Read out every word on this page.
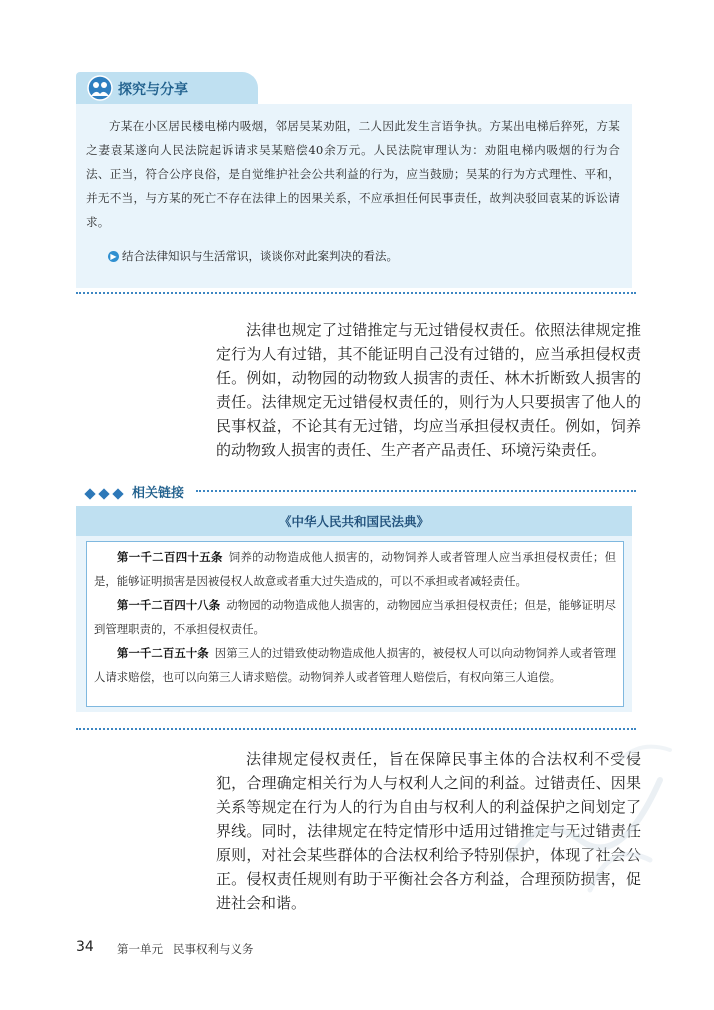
探究与分享

方某在小区居民楼电梯内吸烟，邻居吴某劝阻，二人因此发生言语争执。方某出电梯后猝死，方某之妻袁某遂向人民法院起诉请求吴某赔偿40余万元。人民法院审理认为：劝阻电梯内吸烟的行为合法、正当，符合公序良俗，是自觉维护社会公共利益的行为，应当鼓励；吴某的行为方式理性、平和，并无不当，与方某的死亡不存在法律上的因果关系，不应承担任何民事责任，故判决驳回袁某的诉讼请求。

▶ 结合法律知识与生活常识，谈谈你对此案判决的看法。

法律也规定了过错推定与无过错侵权责任。依照法律规定推定行为人有过错，其不能证明自己没有过错的，应当承担侵权责任。例如，动物园的动物致人损害的责任、林木折断致人损害的责任。法律规定无过错侵权责任的，则行为人只要损害了他人的民事权益，不论其有无过错，均应当承担侵权责任。例如，饲养的动物致人损害的责任、生产者产品责任、环境污染责任。

相关链接
《中华人民共和国民法典》

第一千二百四十五条 饲养的动物造成他人损害的，动物饲养人或者管理人应当承担侵权责任；但是，能够证明损害是因被侵权人故意或者重大过失造成的，可以不承担或者减轻责任。

第一千二百四十八条 动物园的动物造成他人损害的，动物园应当承担侵权责任；但是，能够证明尽到管理职责的，不承担侵权责任。

第一千二百五十条 因第三人的过错致使动物造成他人损害的，被侵权人可以向动物饲养人或者管理人请求赔偿，也可以向第三人请求赔偿。动物饲养人或者管理人赔偿后，有权向第三人追偿。

法律规定侵权责任，旨在保障民事主体的合法权利不受侵犯，合理确定相关行为人与权利人之间的利益。过错责任、因果关系等规定在行为人的行为自由与权利人的利益保护之间划定了界线。同时，法律规定在特定情形中适用过错推定与无过错责任原则，对社会某些群体的合法权利给予特别保护，体现了社会公正。侵权责任规则有助于平衡社会各方利益，合理预防损害，促进社会和谐。

34 第一单元 民事权利与义务
